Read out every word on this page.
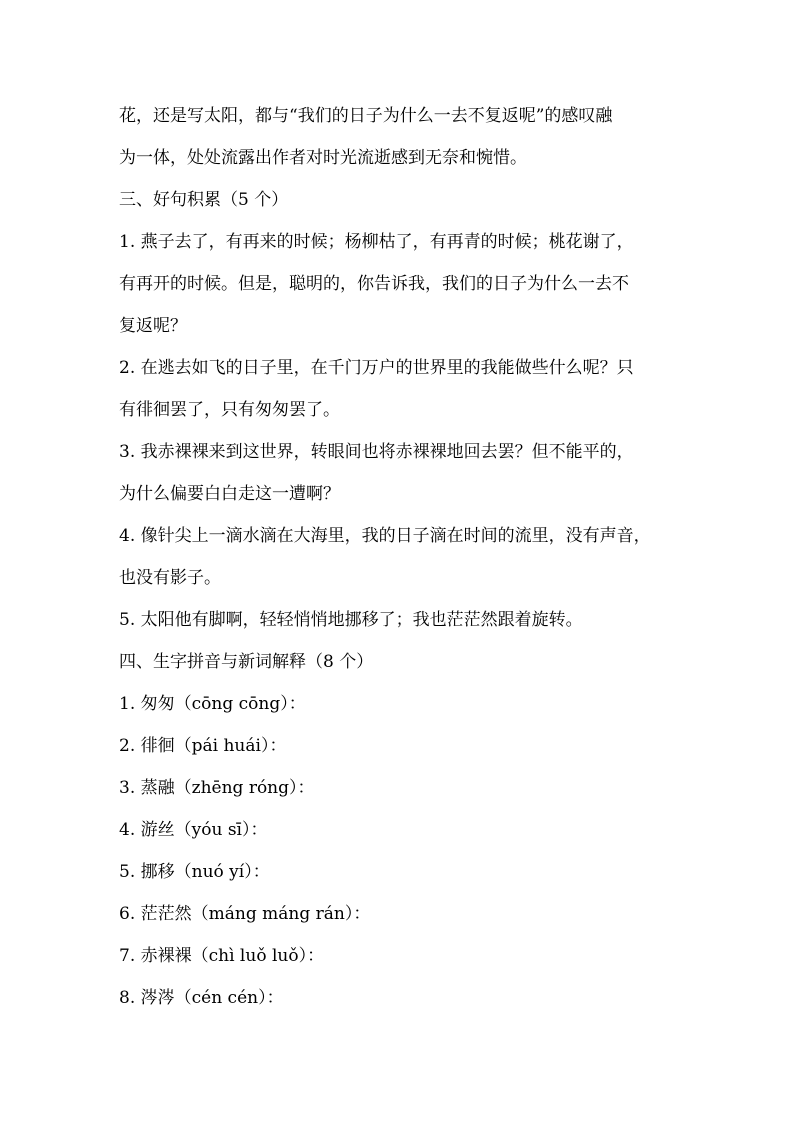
花，还是写太阳，都与“我们的日子为什么一去不复返呢”的感叹融
为一体，处处流露出作者对时光流逝感到无奈和惋惜。
三、好句积累（5 个）
1. 燕子去了，有再来的时候；杨柳枯了，有再青的时候；桃花谢了，
有再开的时候。但是，聪明的，你告诉我，我们的日子为什么一去不
复返呢？
2. 在逃去如飞的日子里，在千门万户的世界里的我能做些什么呢？只
有徘徊罢了，只有匆匆罢了。
3. 我赤裸裸来到这世界，转眼间也将赤裸裸地回去罢？但不能平的，
为什么偏要白白走这一遭啊？
4. 像针尖上一滴水滴在大海里，我的日子滴在时间的流里，没有声音，
也没有影子。
5. 太阳他有脚啊，轻轻悄悄地挪移了；我也茫茫然跟着旋转。
四、生字拼音与新词解释（8 个）
1. 匆匆（cōng cōng）：
2. 徘徊（pái huái）：
3. 蒸融（zhēng róng）：
4. 游丝（yóu sī）：
5. 挪移（nuó yí）：
6. 茫茫然（máng máng rán）：
7. 赤裸裸（chì luǒ luǒ）：
8. 涔涔（cén cén）：
